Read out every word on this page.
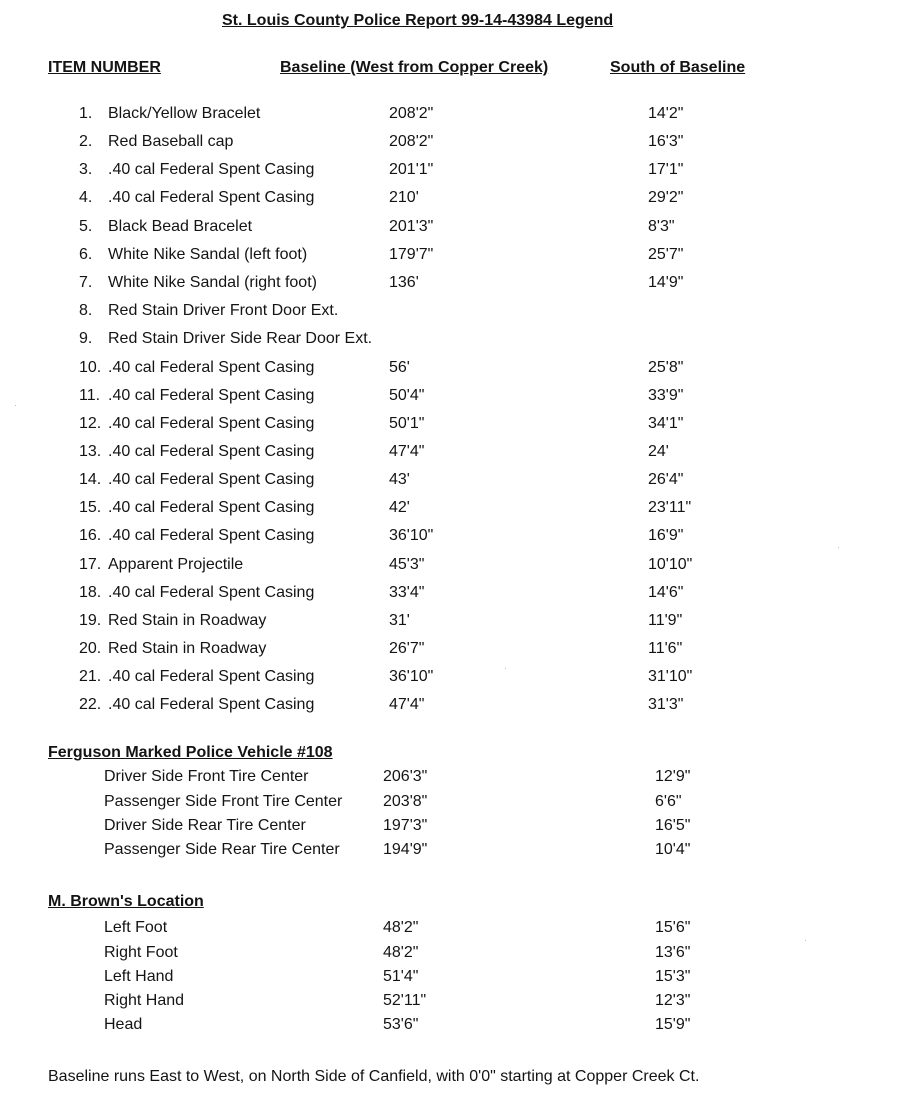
St. Louis County Police Report 99-14-43984 Legend
ITEM NUMBER	Baseline (West from Copper Creek)	South of Baseline
1. Black/Yellow Bracelet	208'2"	14'2"
2. Red Baseball cap	208'2"	16'3"
3. .40 cal Federal Spent Casing	201'1"	17'1"
4. .40 cal Federal Spent Casing	210'	29'2"
5. Black Bead Bracelet	201'3"	8'3"
6. White Nike Sandal (left foot)	179'7"	25'7"
7. White Nike Sandal (right foot)	136'	14'9"
8. Red Stain Driver Front Door Ext.
9. Red Stain Driver Side Rear Door Ext.
10. .40 cal Federal Spent Casing	56'	25'8"
11. .40 cal Federal Spent Casing	50'4"	33'9"
12. .40 cal Federal Spent Casing	50'1"	34'1"
13. .40 cal Federal Spent Casing	47'4"	24'
14. .40 cal Federal Spent Casing	43'	26'4"
15. .40 cal Federal Spent Casing	42'	23'11"
16. .40 cal Federal Spent Casing	36'10"	16'9"
17. Apparent Projectile	45'3"	10'10"
18. .40 cal Federal Spent Casing	33'4"	14'6"
19. Red Stain in Roadway	31'	11'9"
20. Red Stain in Roadway	26'7"	11'6"
21. .40 cal Federal Spent Casing	36'10"	31'10"
22. .40 cal Federal Spent Casing	47'4"	31'3"
Ferguson Marked Police Vehicle #108
Driver Side Front Tire Center	206'3"	12'9"
Passenger Side Front Tire Center	203'8"	6'6"
Driver Side Rear Tire Center	197'3"	16'5"
Passenger Side Rear Tire Center	194'9"	10'4"
M. Brown's Location
Left Foot	48'2"	15'6"
Right Foot	48'2"	13'6"
Left Hand	51'4"	15'3"
Right Hand	52'11"	12'3"
Head	53'6"	15'9"
Baseline runs East to West, on North Side of Canfield, with 0'0" starting at Copper Creek Ct.
